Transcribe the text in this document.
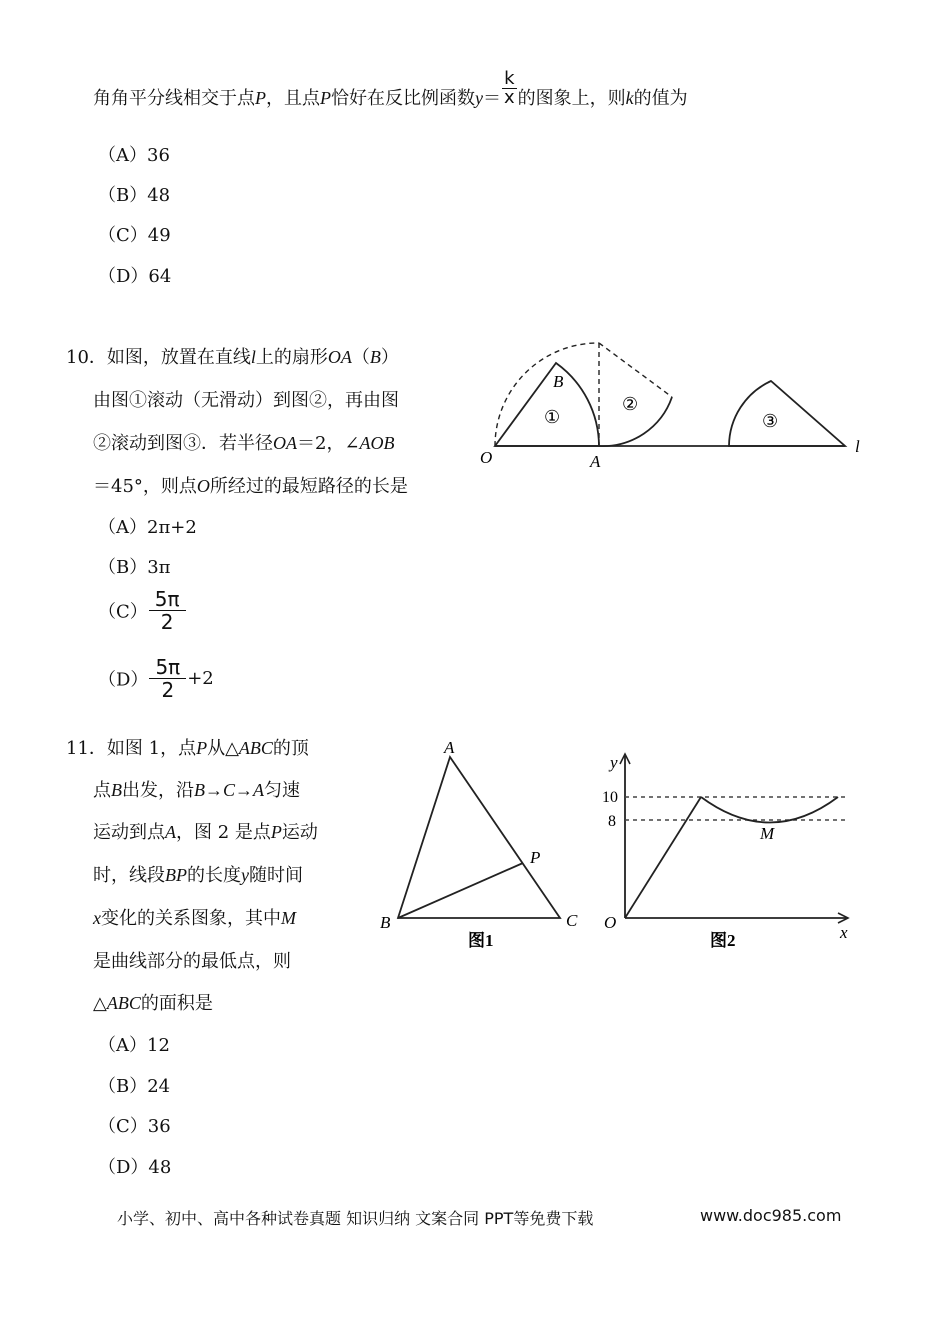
角角平分线相交于点P，且点P恰好在反比例函数$y= \frac{k}{x}$ 的图象上，则k的值为
（A）36
（B）48
（C）49
（D）64
10．如图，放置在直线l上的扇形OA（B）
由图①滚动（无滑动）到图②，再由图
②滚动到图③．若半径OA＝2，∠AOB
＝45°，则点O所经过的最短路径的长是
（A）2π+2
（B）3π
$(C) \frac{5\pi}{2}$
$(D) \frac{5\pi}{2} +2$
O	A
B
l
①
②
③
11．如图 1，点P从△ABC的顶
点B出发，沿B→C→A匀速
运动到点A，图 2 是点P运动
时，线段BP的长度y随时间
x变化的关系图象，其中M
是曲线部分的最低点，则
△ABC的面积是
（A）12
（B）24
（C）36
（D）48
A
B	C
P
图1
10
8
y
x
O
M
图2
小学、初中、高中各种试卷真题 知识归纳 文案合同 PPT等免费下载	www.doc985.com
